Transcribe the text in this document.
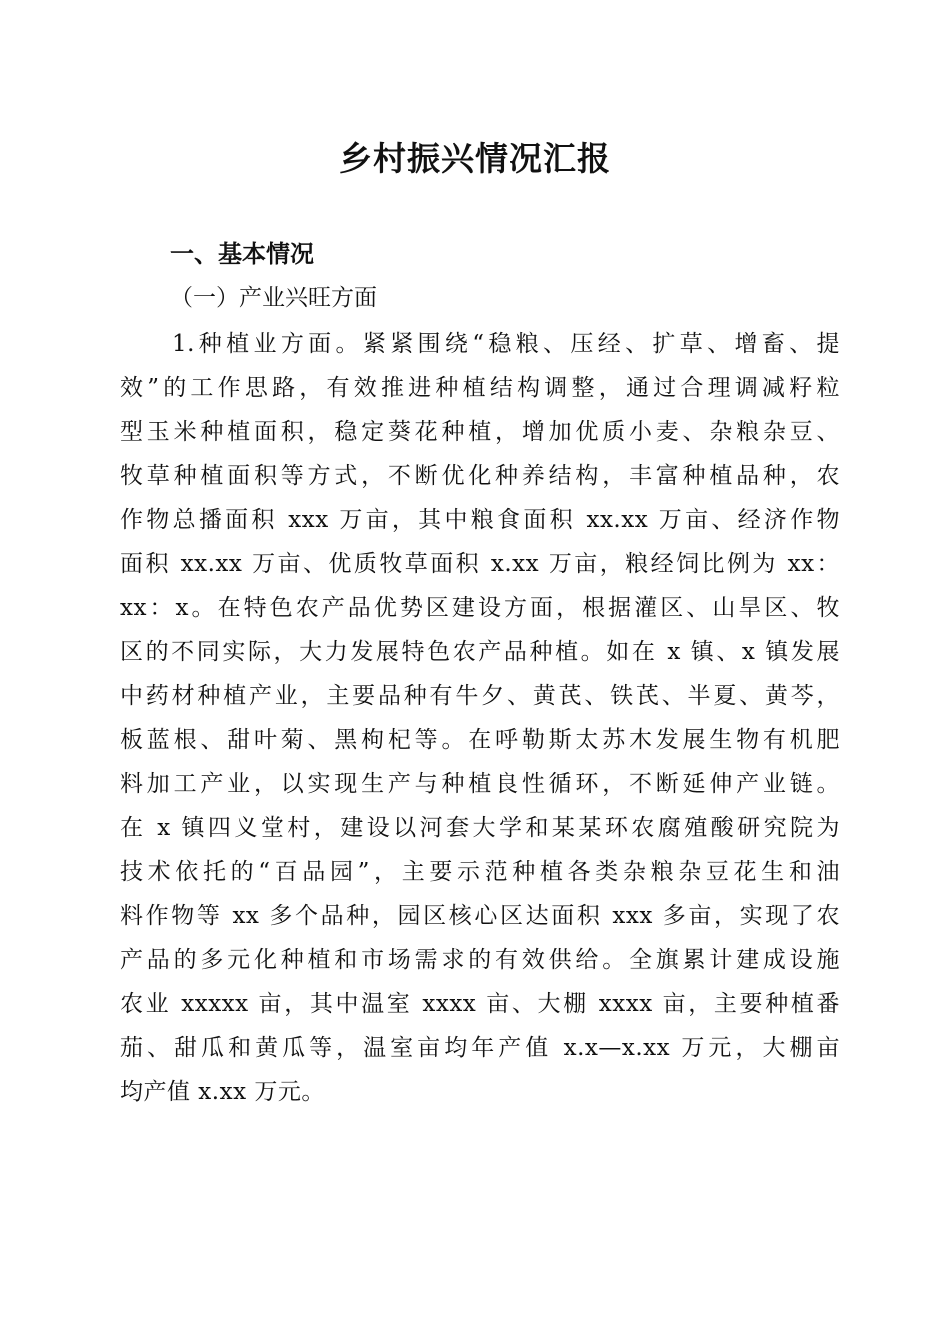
乡村振兴情况汇报
一、基本情况
（一）产业兴旺方面
1.种植业方面。紧紧围绕“稳粮、压经、扩草、增畜、提
效”的工作思路，有效推进种植结构调整，通过合理调减籽粒
型玉米种植面积，稳定葵花种植，增加优质小麦、杂粮杂豆、
牧草种植面积等方式，不断优化种养结构，丰富种植品种，农
作物总播面积 xxx 万亩，其中粮食面积 xx.xx 万亩、经济作物
面积 xx.xx 万亩、优质牧草面积 x.xx 万亩，粮经饲比例为 xx：
xx：x。在特色农产品优势区建设方面，根据灌区、山旱区、牧
区的不同实际，大力发展特色农产品种植。如在 x 镇、x 镇发展
中药材种植产业，主要品种有牛夕、黄芪、铁芪、半夏、黄芩，
板蓝根、甜叶菊、黑枸杞等。在呼勒斯太苏木发展生物有机肥
料加工产业，以实现生产与种植良性循环，不断延伸产业链。
在 x 镇四义堂村，建设以河套大学和某某环农腐殖酸研究院为
技术依托的“百品园”，主要示范种植各类杂粮杂豆花生和油
料作物等 xx 多个品种，园区核心区达面积 xxx 多亩，实现了农
产品的多元化种植和市场需求的有效供给。全旗累计建成设施
农业 xxxxx 亩，其中温室 xxxx 亩、大棚 xxxx 亩，主要种植番
茄、甜瓜和黄瓜等，温室亩均年产值 x.x—x.xx 万元，大棚亩
均产值 x.xx 万元。
